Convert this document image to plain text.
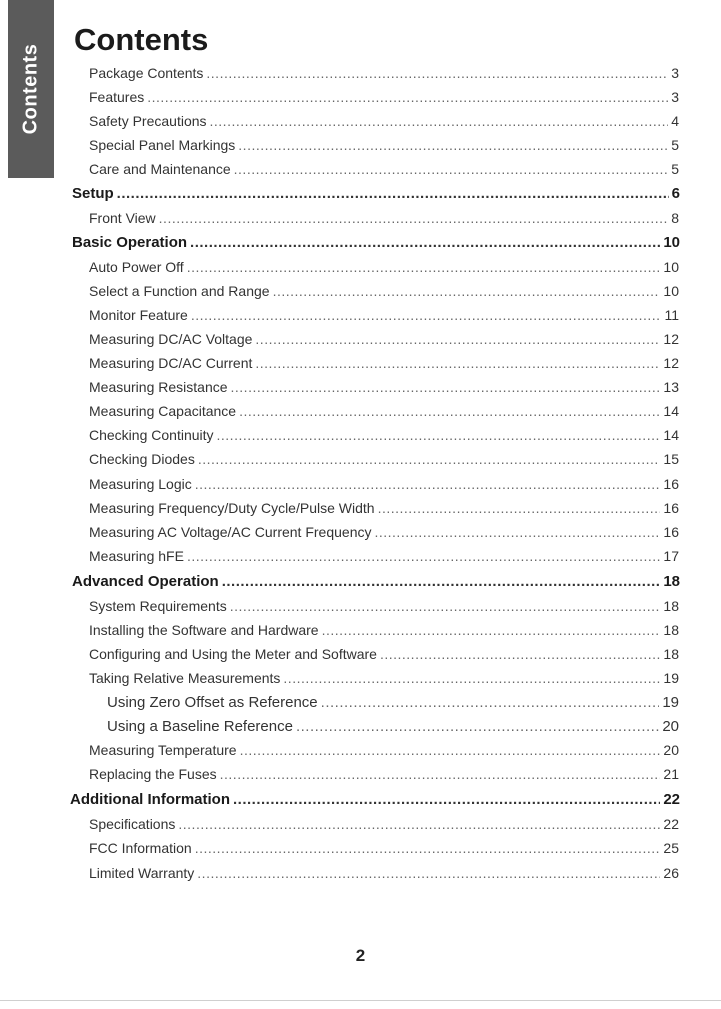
Contents
Contents
Package Contents .....	3
Features .....	3
Safety Precautions .....	4
Special Panel Markings .....	5
Care and Maintenance .....	5
Setup .....	6
Front View .....	8
Basic Operation .....	10
Auto Power Off .....	10
Select a Function and Range .....	10
Monitor Feature .....	11
Measuring DC/AC Voltage .....	12
Measuring DC/AC Current .....	12
Measuring Resistance .....	13
Measuring Capacitance .....	14
Checking Continuity .....	14
Checking Diodes .....	15
Measuring Logic .....	16
Measuring Frequency/Duty Cycle/Pulse Width .....	16
Measuring AC Voltage/AC Current Frequency .....	16
Measuring hFE .....	17
Advanced Operation .....	18
System Requirements .....	18
Installing the Software and Hardware .....	18
Configuring and Using the Meter and Software .....	18
Taking Relative Measurements .....	19
Using Zero Offset as Reference .....	19
Using a Baseline Reference .....	20
Measuring Temperature .....	20
Replacing the Fuses .....	21
Additional Information .....	22
Specifications .....	22
FCC Information .....	25
Limited Warranty .....	26
2
